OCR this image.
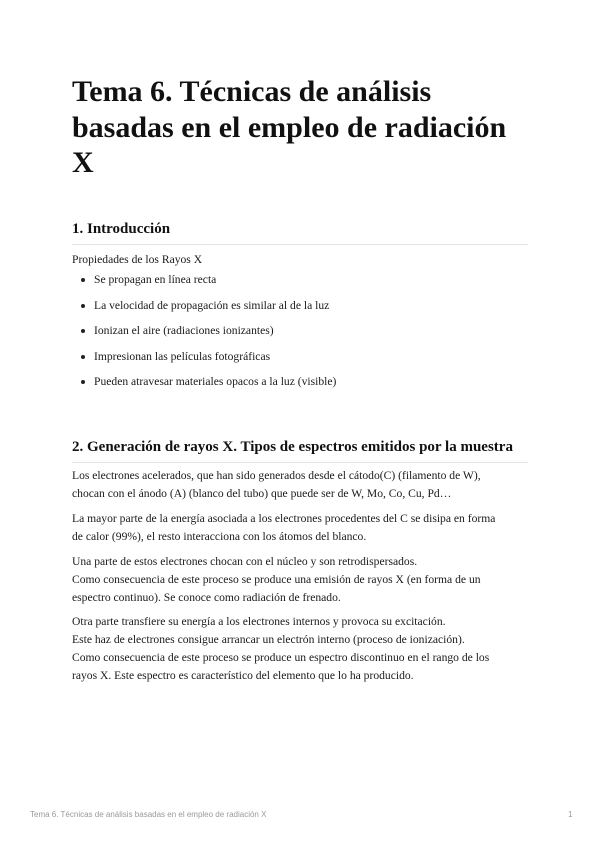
Tema 6. Técnicas de análisis basadas en el empleo de radiación X
1. Introducción

Propiedades de los Rayos X

Se propagan en línea recta
La velocidad de propagación es similar al de la luz
Ionizan el aire (radiaciones ionizantes)
Impresionan las películas fotográficas
Pueden atravesar materiales opacos a la luz (visible)
2. Generación de rayos X. Tipos de espectros emitidos por la muestra

Los electrones acelerados, que han sido generados desde el cátodo(C) (filamento de W),
chocan con el ánodo (A) (blanco del tubo) que puede ser de W, Mo, Co, Cu, Pd…

La mayor parte de la energía asociada a los electrones procedentes del C se disipa en forma
de calor (99%), el resto interacciona con los átomos del blanco.

Una parte de estos electrones chocan con el núcleo y son retrodispersados.
Como consecuencia de este proceso se produce una emisión de rayos X (en forma de un
espectro continuo). Se conoce como radiación de frenado.

Otra parte transfiere su energía a los electrones internos y provoca su excitación.
Este haz de electrones consigue arrancar un electrón interno (proceso de ionización).
Como consecuencia de este proceso se produce un espectro discontinuo en el rango de los
rayos X. Este espectro es característico del elemento que lo ha producido.

Tema 6. Técnicas de análisis basadas en el empleo de radiación X	1
